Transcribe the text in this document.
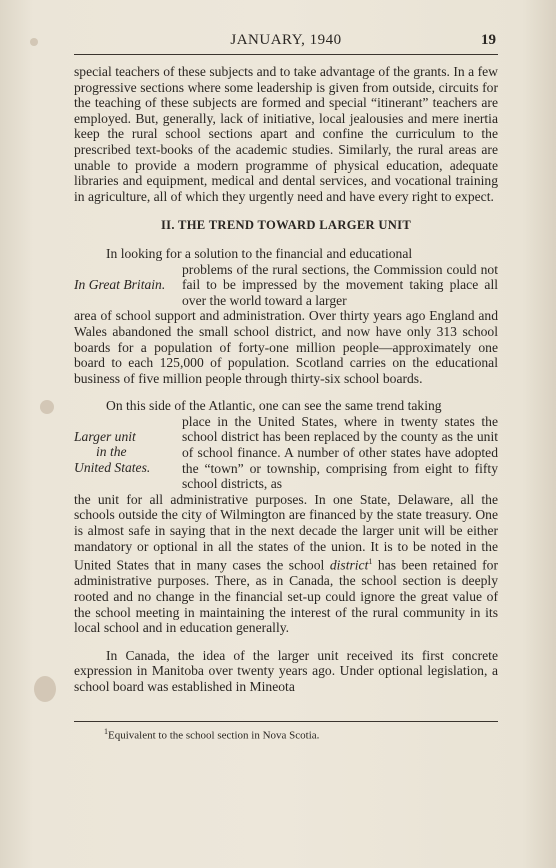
JANUARY, 1940	19

special teachers of these subjects and to take advantage of the grants. In a few progressive sections where some leadership is given from outside, circuits for the teaching of these subjects are formed and special “itinerant” teachers are employed. But, generally, lack of initiative, local jealousies and mere inertia keep the rural school sections apart and confine the curriculum to the prescribed text-books of the academic studies. Similarly, the rural areas are unable to provide a modern programme of physical education, adequate libraries and equipment, medical and dental services, and vocational training in agriculture, all of which they urgently need and have every right to expect.

II. THE TREND TOWARD LARGER UNIT

In looking for a solution to the financial and educational

In Great Britain.
problems of the rural sections, the Commission could not fail to be impressed by the movement taking place all over the world toward a larger

area of school support and administration. Over thirty years ago England and Wales abandoned the small school district, and now have only 313 school boards for a population of forty-one million people—approximately one board to each 125,000 of population. Scotland carries on the educational business of five million people through thirty-six school boards.

On this side of the Atlantic, one can see the same trend taking

Larger unit
in the
United States.
place in the United States, where in twenty states the school district has been replaced by the county as the unit of school finance. A number of other states have adopted the “town” or township, comprising from eight to fifty school districts, as

the unit for all administrative purposes. In one State, Delaware, all the schools outside the city of Wilmington are financed by the state treasury. One is almost safe in saying that in the next decade the larger unit will be either mandatory or optional in all the states of the union. It is to be noted in the United States that in many cases the school district$^1$ has been retained for administrative purposes. There, as in Canada, the school section is deeply rooted and no change in the financial set-up could ignore the great value of the school meeting in maintaining the interest of the rural community in its local school and in education generally.

In Canada, the idea of the larger unit received its first concrete expression in Manitoba over twenty years ago. Under optional legislation, a school board was established in Mineota

$^1$Equivalent to the school section in Nova Scotia.
